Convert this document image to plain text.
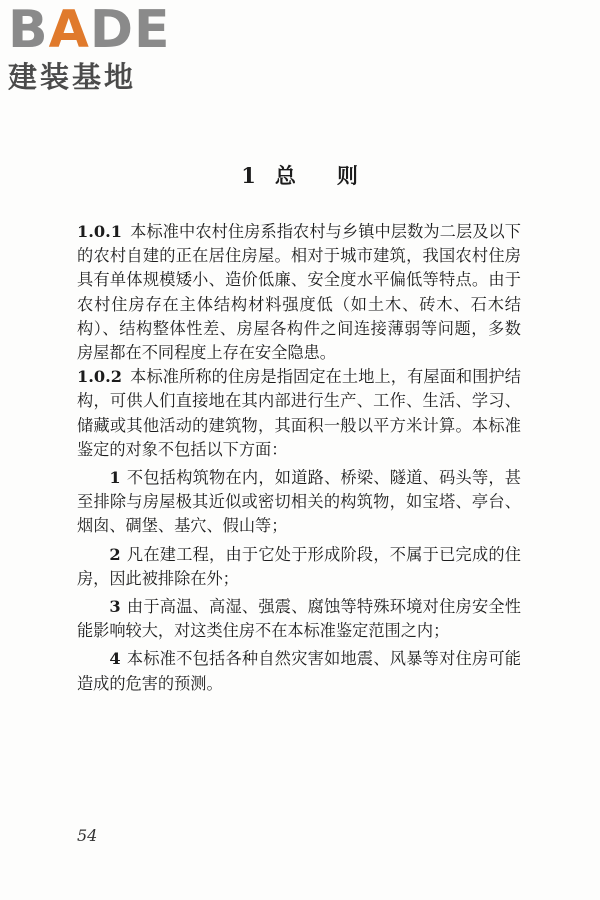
BADE
建装基地
1 总 则

1.0.1 本标准中农村住房系指农村与乡镇中层数为二层及以下的农村自建的正在居住房屋。相对于城市建筑，我国农村住房具有单体规模矮小、造价低廉、安全度水平偏低等特点。由于农村住房存在主体结构材料强度低（如土木、砖木、石木结构）、结构整体性差、房屋各构件之间连接薄弱等问题，多数房屋都在不同程度上存在安全隐患。

1.0.2 本标准所称的住房是指固定在土地上，有屋面和围护结构，可供人们直接地在其内部进行生产、工作、生活、学习、储藏或其他活动的建筑物，其面积一般以平方米计算。本标准鉴定的对象不包括以下方面：

1 不包括构筑物在内，如道路、桥梁、隧道、码头等，甚至排除与房屋极其近似或密切相关的构筑物，如宝塔、亭台、烟囱、碉堡、基穴、假山等；

2 凡在建工程，由于它处于形成阶段，不属于已完成的住房，因此被排除在外；

3 由于高温、高湿、强震、腐蚀等特殊环境对住房安全性能影响较大，对这类住房不在本标准鉴定范围之内；

4 本标准不包括各种自然灾害如地震、风暴等对住房可能造成的危害的预测。

54
